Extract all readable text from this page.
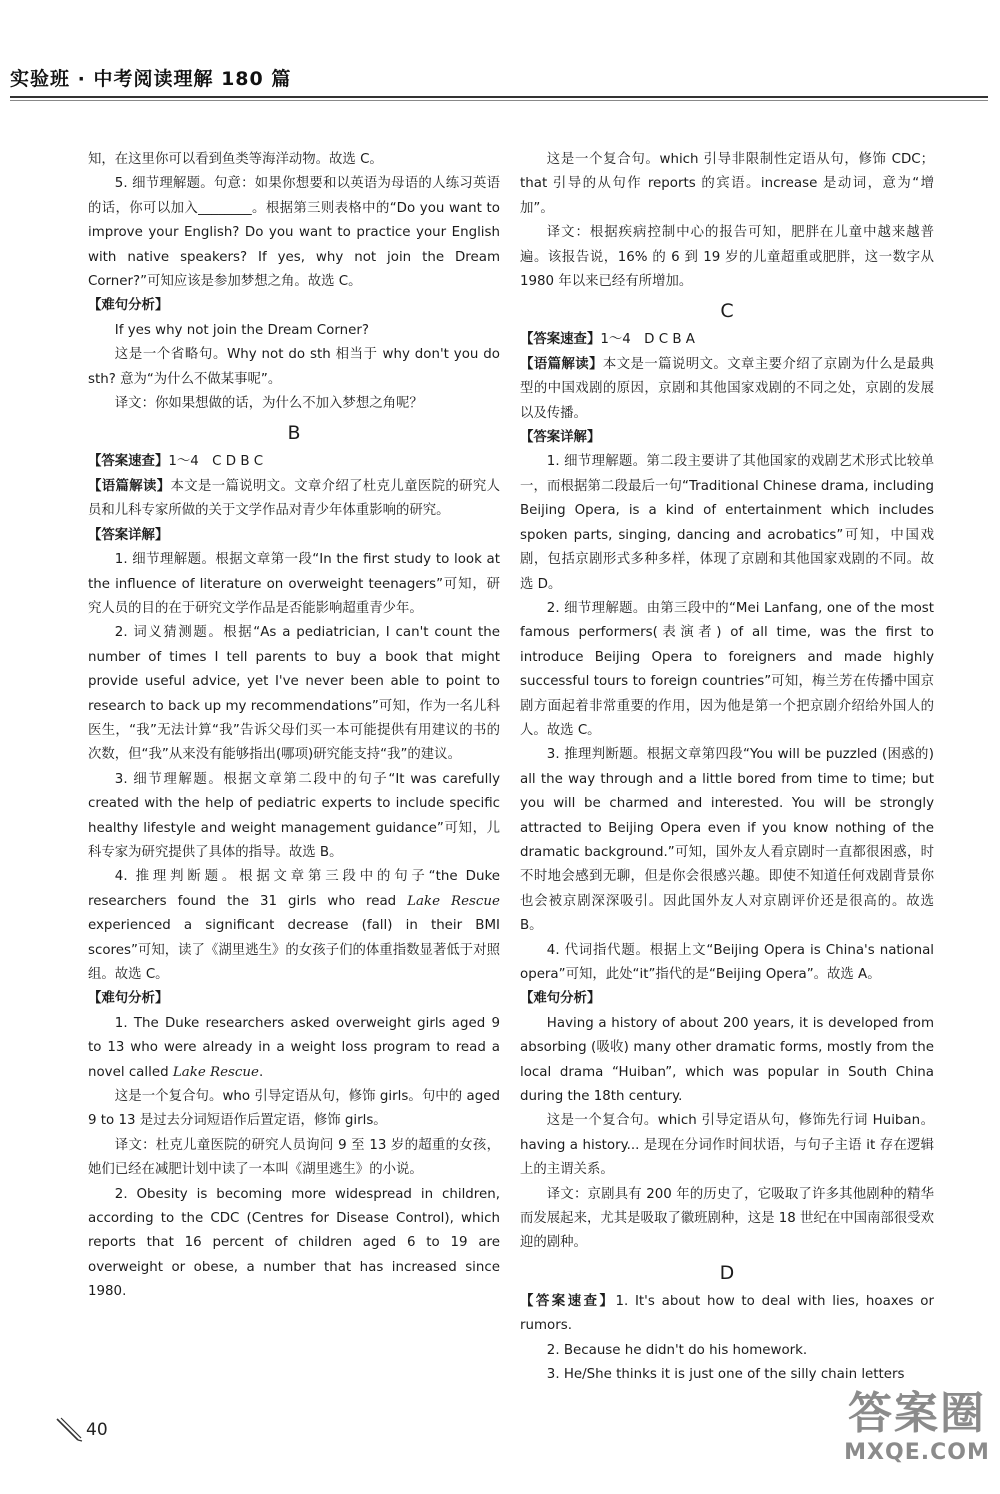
实验班 · 中考阅读理解 180 篇

知，在这里你可以看到鱼类等海洋动物。故选 C。

5. 细节理解题。句意：如果你想要和以英语为母语的人练习英语的话，你可以加入________。根据第三则表格中的“Do you want to improve your English? Do you want to practice your English with native speakers? If yes, why not join the Dream Corner?”可知应该是参加梦想之角。故选 C。

【难句分析】

If yes why not join the Dream Corner?

这是一个省略句。Why not do sth 相当于 why don't you do sth? 意为“为什么不做某事呢”。

译文：你如果想做的话，为什么不加入梦想之角呢？

B

【答案速查】1～4　C D B C

【语篇解读】本文是一篇说明文。文章介绍了杜克儿童医院的研究人员和儿科专家所做的关于文学作品对青少年体重影响的研究。

【答案详解】

1. 细节理解题。根据文章第一段“In the first study to look at the influence of literature on overweight teenagers”可知，研究人员的目的在于研究文学作品是否能影响超重青少年。

2. 词义猜测题。根据“As a pediatrician, I can't count the number of times I tell parents to buy a book that might provide useful advice, yet I've never been able to point to research to back up my recommendations”可知，作为一名儿科医生，“我”无法计算“我”告诉父母们买一本可能提供有用建议的书的次数，但“我”从来没有能够指出(哪项)研究能支持“我”的建议。

3. 细节理解题。根据文章第二段中的句子“It was carefully created with the help of pediatric experts to include specific healthy lifestyle and weight management guidance”可知，儿科专家为研究提供了具体的指导。故选 B。

4. 推理判断题。根据文章第三段中的句子“the Duke researchers found the 31 girls who read Lake Rescue experienced a significant decrease (fall) in their BMI scores”可知，读了《湖里逃生》的女孩子们的体重指数显著低于对照组。故选 C。

【难句分析】

1. The Duke researchers asked overweight girls aged 9 to 13 who were already in a weight loss program to read a novel called Lake Rescue.

这是一个复合句。who 引导定语从句，修饰 girls。句中的 aged 9 to 13 是过去分词短语作后置定语，修饰 girls。

译文：杜克儿童医院的研究人员询问 9 至 13 岁的超重的女孩，她们已经在减肥计划中读了一本叫《湖里逃生》的小说。

2. Obesity is becoming more widespread in children, according to the CDC (Centres for Disease Control), which reports that 16 percent of children aged 6 to 19 are overweight or obese, a number that has increased since 1980.

这是一个复合句。which 引导非限制性定语从句，修饰 CDC；that 引导的从句作 reports 的宾语。increase 是动词，意为“增加”。

译文：根据疾病控制中心的报告可知，肥胖在儿童中越来越普遍。该报告说，16% 的 6 到 19 岁的儿童超重或肥胖，这一数字从 1980 年以来已经有所增加。

C

【答案速查】1～4　D C B A

【语篇解读】本文是一篇说明文。文章主要介绍了京剧为什么是最典型的中国戏剧的原因，京剧和其他国家戏剧的不同之处，京剧的发展以及传播。

【答案详解】

1. 细节理解题。第二段主要讲了其他国家的戏剧艺术形式比较单一，而根据第二段最后一句“Traditional Chinese drama, including Beijing Opera, is a kind of entertainment which includes spoken parts, singing, dancing and acrobatics”可知，中国戏剧，包括京剧形式多种多样，体现了京剧和其他国家戏剧的不同。故选 D。

2. 细节理解题。由第三段中的“Mei Lanfang, one of the most famous performers(表演者) of all time, was the first to introduce Beijing Opera to foreigners and made highly successful tours to foreign countries”可知，梅兰芳在传播中国京剧方面起着非常重要的作用，因为他是第一个把京剧介绍给外国人的人。故选 C。

3. 推理判断题。根据文章第四段“You will be puzzled (困惑的) all the way through and a little bored from time to time; but you will be charmed and interested. You will be strongly attracted to Beijing Opera even if you know nothing of the dramatic background.”可知，国外友人看京剧时一直都很困惑，时不时地会感到无聊，但是你会很感兴趣。即使不知道任何戏剧背景你也会被京剧深深吸引。因此国外友人对京剧评价还是很高的。故选 B。

4. 代词指代题。根据上文“Beijing Opera is China's national opera”可知，此处“it”指代的是“Beijing Opera”。故选 A。

【难句分析】

Having a history of about 200 years, it is developed from absorbing (吸收) many other dramatic forms, mostly from the local drama “Huiban”, which was popular in South China during the 18th century.

这是一个复合句。which 引导定语从句，修饰先行词 Huiban。having a history... 是现在分词作时间状语，与句子主语 it 存在逻辑上的主谓关系。

译文：京剧具有 200 年的历史了，它吸取了许多其他剧种的精华而发展起来，尤其是吸取了徽班剧种，这是 18 世纪在中国南部很受欢迎的剧种。

D

【答案速查】1. It's about how to deal with lies, hoaxes or rumors.

2. Because he didn't do his homework.

3. He/She thinks it is just one of the silly chain letters

40	答案圈
MXQE.COM
